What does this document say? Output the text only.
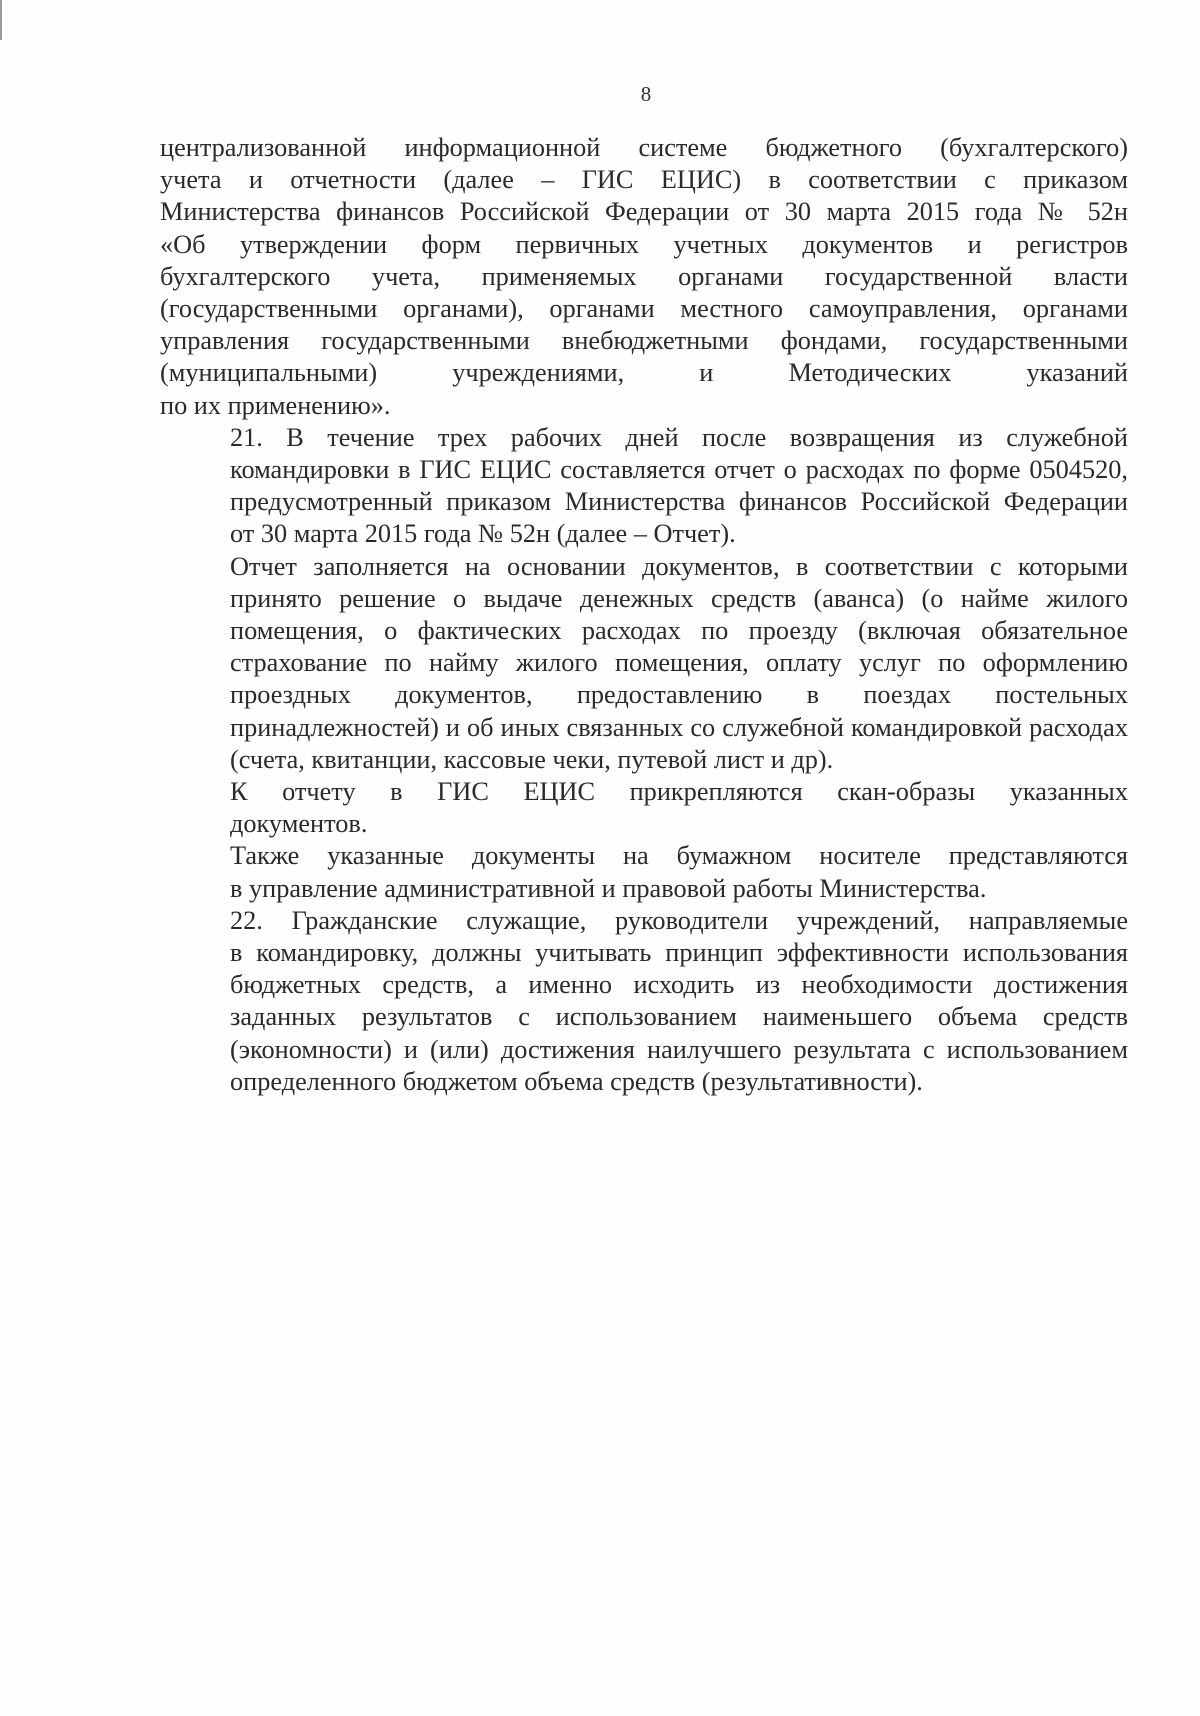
8
централизованной информационной системе бюджетного (бухгалтерского)
учета и отчетности (далее – ГИС ЕЦИС) в соответствии с приказом
Министерства финансов Российской Федерации от 30 марта 2015 года № 52н
«Об утверждении форм первичных учетных документов и регистров
бухгалтерского учета, применяемых органами государственной власти
(государственными органами), органами местного самоуправления, органами
управления государственными внебюджетными фондами, государственными
(муниципальными) учреждениями, и Методических указаний
по их применению».
21. В течение трех рабочих дней после возвращения из служебной
командировки в ГИС ЕЦИС составляется отчет о расходах по форме 0504520,
предусмотренный приказом Министерства финансов Российской Федерации
от 30 марта 2015 года № 52н (далее – Отчет).
Отчет заполняется на основании документов, в соответствии с которыми
принято решение о выдаче денежных средств (аванса) (о найме жилого
помещения, о фактических расходах по проезду (включая обязательное
страхование по найму жилого помещения, оплату услуг по оформлению
проездных документов, предоставлению в поездах постельных
принадлежностей) и об иных связанных со служебной командировкой расходах
(счета, квитанции, кассовые чеки, путевой лист и др).
К отчету в ГИС ЕЦИС прикрепляются скан-образы указанных
документов.
Также указанные документы на бумажном носителе представляются
в управление административной и правовой работы Министерства.
22. Гражданские служащие, руководители учреждений, направляемые
в командировку, должны учитывать принцип эффективности использования
бюджетных средств, а именно исходить из необходимости достижения
заданных результатов с использованием наименьшего объема средств
(экономности) и (или) достижения наилучшего результата с использованием
определенного бюджетом объема средств (результативности).
